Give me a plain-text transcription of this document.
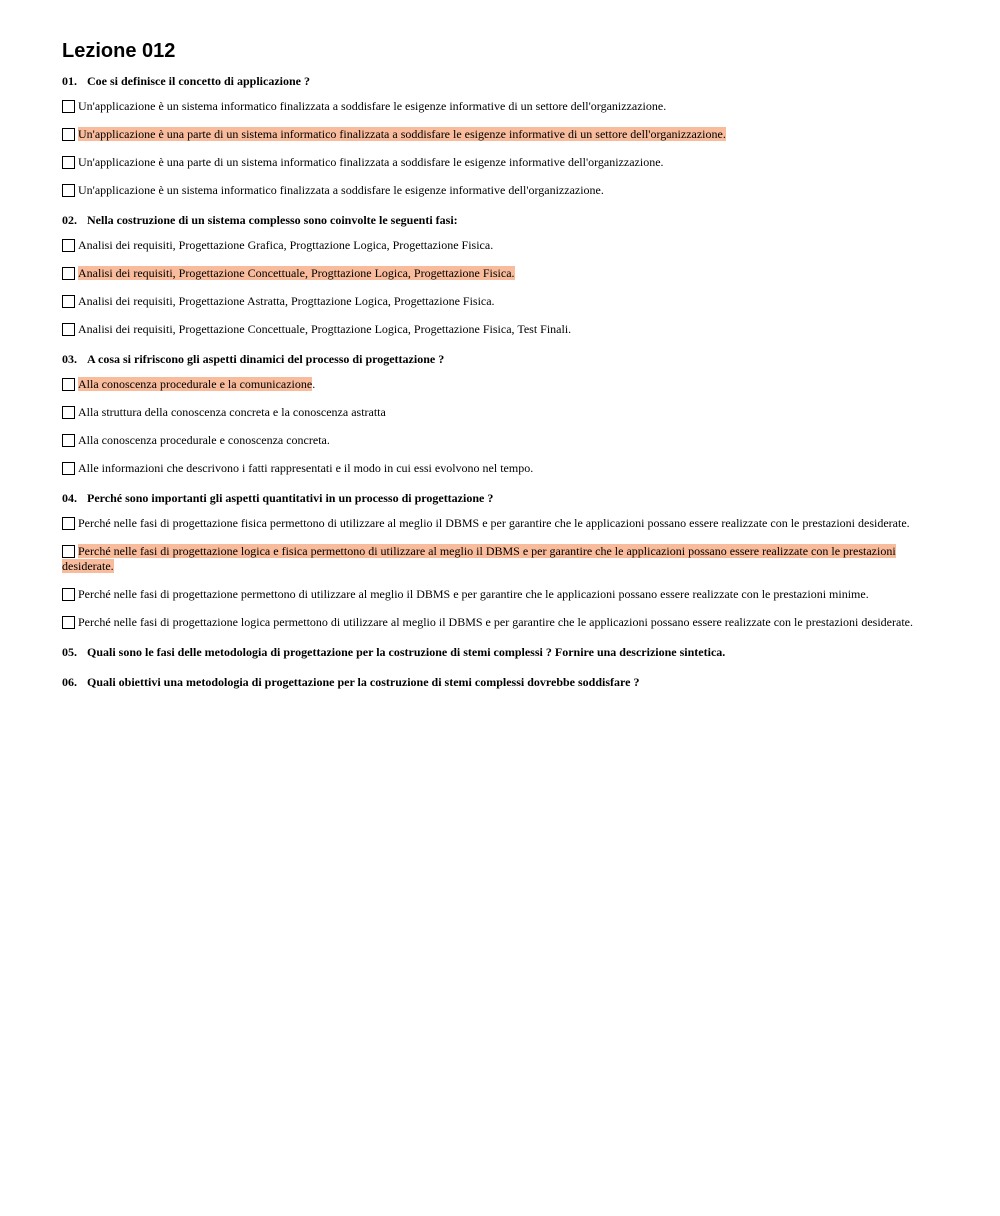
Lezione 012
01. Coe si definisce il concetto di applicazione ?
Un'applicazione è un sistema informatico finalizzata a soddisfare le esigenze informative di un settore dell'organizzazione.
Un'applicazione è una parte di un sistema informatico finalizzata a soddisfare le esigenze informative di un settore dell'organizzazione.
Un'applicazione è una parte di un sistema informatico finalizzata a soddisfare le esigenze informative dell'organizzazione.
Un'applicazione è un sistema informatico finalizzata a soddisfare le esigenze informative dell'organizzazione.
02. Nella costruzione di un sistema complesso sono coinvolte le seguenti fasi:
Analisi dei requisiti, Progettazione Grafica, Progttazione Logica, Progettazione Fisica.
Analisi dei requisiti, Progettazione Concettuale, Progttazione Logica, Progettazione Fisica.
Analisi dei requisiti, Progettazione Astratta, Progttazione Logica, Progettazione Fisica.
Analisi dei requisiti, Progettazione Concettuale, Progttazione Logica, Progettazione Fisica, Test Finali.
03. A cosa si rifriscono gli aspetti dinamici del processo di progettazione ?
Alla conoscenza procedurale e la comunicazione.
Alla struttura della conoscenza concreta e la conoscenza astratta
Alla conoscenza procedurale e conoscenza concreta.
Alle informazioni che descrivono i fatti rappresentati e il modo in cui essi evolvono nel tempo.
04. Perché sono importanti gli aspetti quantitativi in un processo di progettazione ?
Perché nelle fasi di progettazione fisica permettono di utilizzare al meglio il DBMS e per garantire che le applicazioni possano essere realizzate con le prestazioni desiderate.
Perché nelle fasi di progettazione logica e fisica permettono di utilizzare al meglio il DBMS e per garantire che le applicazioni possano essere realizzate con le prestazioni desiderate.
Perché nelle fasi di progettazione permettono di utilizzare al meglio il DBMS e per garantire che le applicazioni possano essere realizzate con le prestazioni minime.
Perché nelle fasi di progettazione logica permettono di utilizzare al meglio il DBMS e per garantire che le applicazioni possano essere realizzate con le prestazioni desiderate.
05. Quali sono le fasi delle metodologia di progettazione per la costruzione di stemi complessi ? Fornire una descrizione sintetica.
06. Quali obiettivi una metodologia di progettazione per la costruzione di stemi complessi dovrebbe soddisfare ?
